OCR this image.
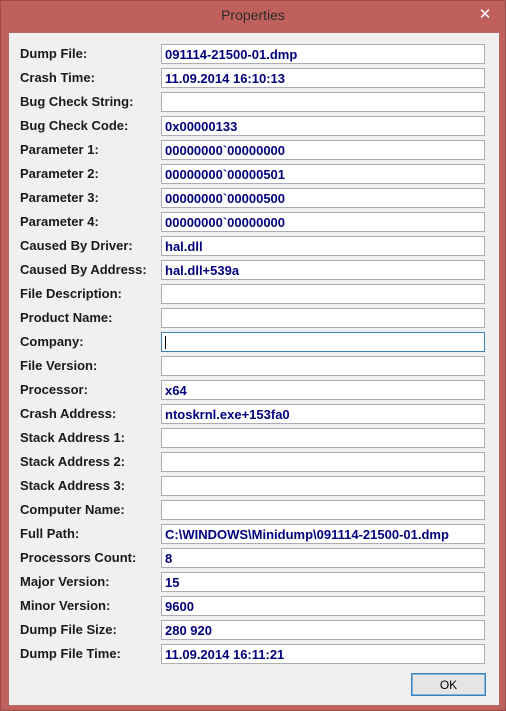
Properties	✕
Dump File:	091114-21500-01.dmp
Crash Time:	11.09.2014 16:10:13
Bug Check String:
Bug Check Code:	0x00000133
Parameter 1:	00000000`00000000
Parameter 2:	00000000`00000501
Parameter 3:	00000000`00000500
Parameter 4:	00000000`00000000
Caused By Driver:	hal.dll
Caused By Address:	hal.dll+539a
File Description:
Product Name:
Company:
File Version:
Processor:	x64
Crash Address:	ntoskrnl.exe+153fa0
Stack Address 1:
Stack Address 2:
Stack Address 3:
Computer Name:
Full Path:	C:\WINDOWS\Minidump\091114-21500-01.dmp
Processors Count:	8
Major Version:	15
Minor Version:	9600
Dump File Size:	280 920
Dump File Time:	11.09.2014 16:11:21
OK
